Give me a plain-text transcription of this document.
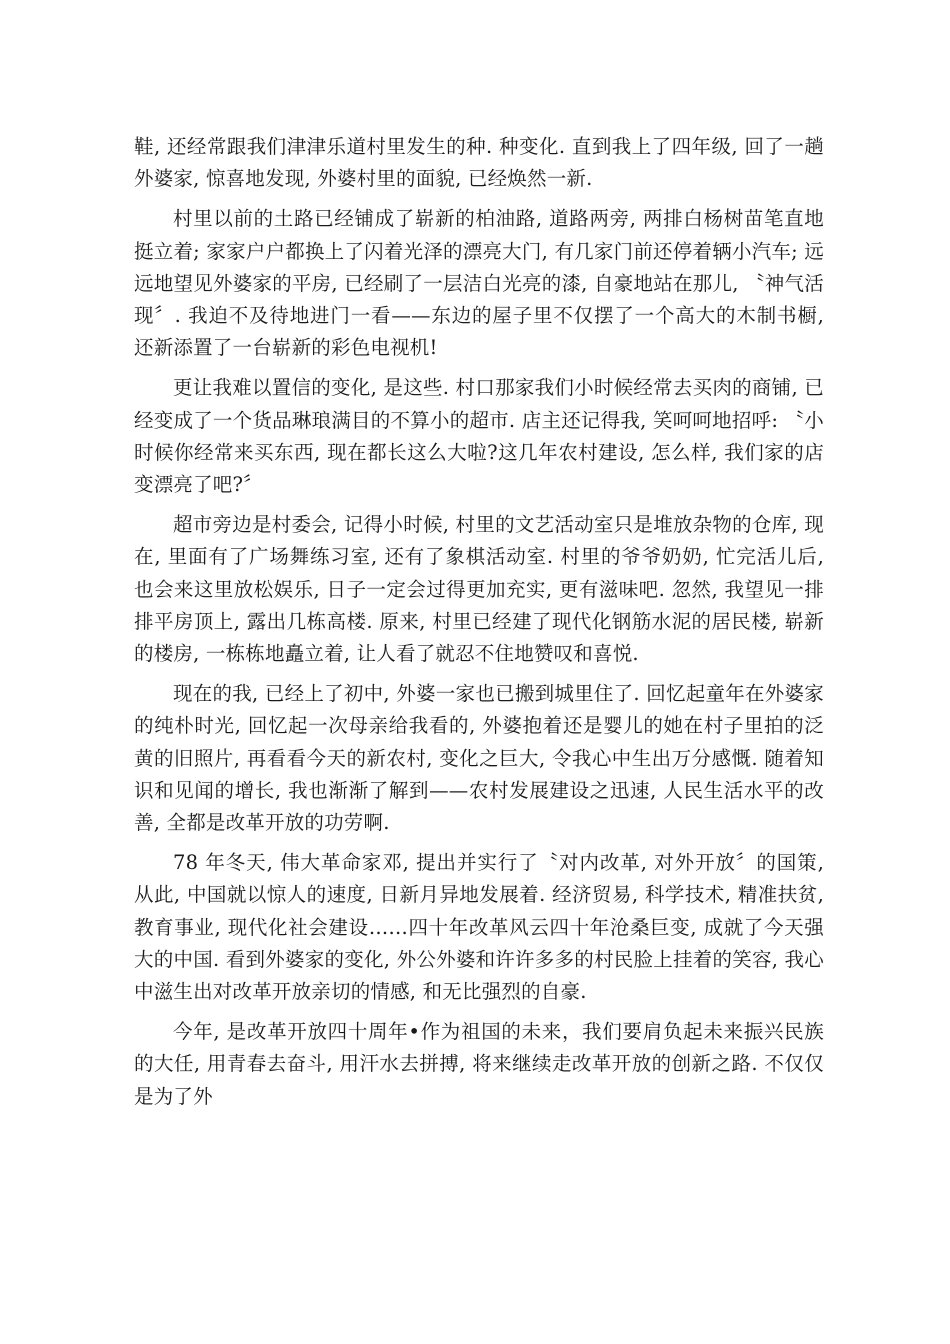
鞋, 还经常跟我们津津乐道村里发生的种. 种变化. 直到我上了四年级, 回了一趟外婆家, 惊喜地发现, 外婆村里的面貌, 已经焕然一新.

村里以前的土路已经铺成了崭新的柏油路, 道路两旁, 两排白杨树苗笔直地挺立着; 家家户户都换上了闪着光泽的漂亮大门, 有几家门前还停着辆小汽车; 远远地望见外婆家的平房, 已经刷了一层洁白光亮的漆, 自豪地站在那儿, 〝神气活现〞. 我迫不及待地进门一看——东边的屋子里不仅摆了一个高大的木制书橱, 还新添置了一台崭新的彩色电视机!

更让我难以置信的变化, 是这些. 村口那家我们小时候经常去买肉的商铺, 已经变成了一个货品琳琅满目的不算小的超市. 店主还记得我, 笑呵呵地招呼: 〝小时候你经常来买东西, 现在都长这么大啦?这几年农村建设, 怎么样, 我们家的店变漂亮了吧?〞

超市旁边是村委会, 记得小时候, 村里的文艺活动室只是堆放杂物的仓库, 现在, 里面有了广场舞练习室, 还有了象棋活动室. 村里的爷爷奶奶, 忙完活儿后, 也会来这里放松娱乐, 日子一定会过得更加充实, 更有滋味吧. 忽然, 我望见一排排平房顶上, 露出几栋高楼. 原来, 村里已经建了现代化钢筋水泥的居民楼, 崭新的楼房, 一栋栋地矗立着, 让人看了就忍不住地赞叹和喜悦.

现在的我, 已经上了初中, 外婆一家也已搬到城里住了. 回忆起童年在外婆家的纯朴时光, 回忆起一次母亲给我看的, 外婆抱着还是婴儿的她在村子里拍的泛黄的旧照片, 再看看今天的新农村, 变化之巨大, 令我心中生出万分感慨. 随着知识和见闻的增长, 我也渐渐了解到——农村发展建设之迅速, 人民生活水平的改善, 全都是改革开放的功劳啊.

78 年冬天, 伟大革命家邓, 提出并实行了〝对内改革, 对外开放〞的国策, 从此, 中国就以惊人的速度, 日新月异地发展着. 经济贸易, 科学技术, 精准扶贫, 教育事业, 现代化社会建设……四十年改革风云四十年沧桑巨变, 成就了今天强大的中国. 看到外婆家的变化, 外公外婆和许许多多的村民脸上挂着的笑容, 我心中滋生出对改革开放亲切的情感, 和无比强烈的自豪.

今年, 是改革开放四十周年•作为祖国的未来，我们要肩负起未来振兴民族的大任, 用青春去奋斗, 用汗水去拼搏, 将来继续走改革开放的创新之路. 不仅仅是为了外
